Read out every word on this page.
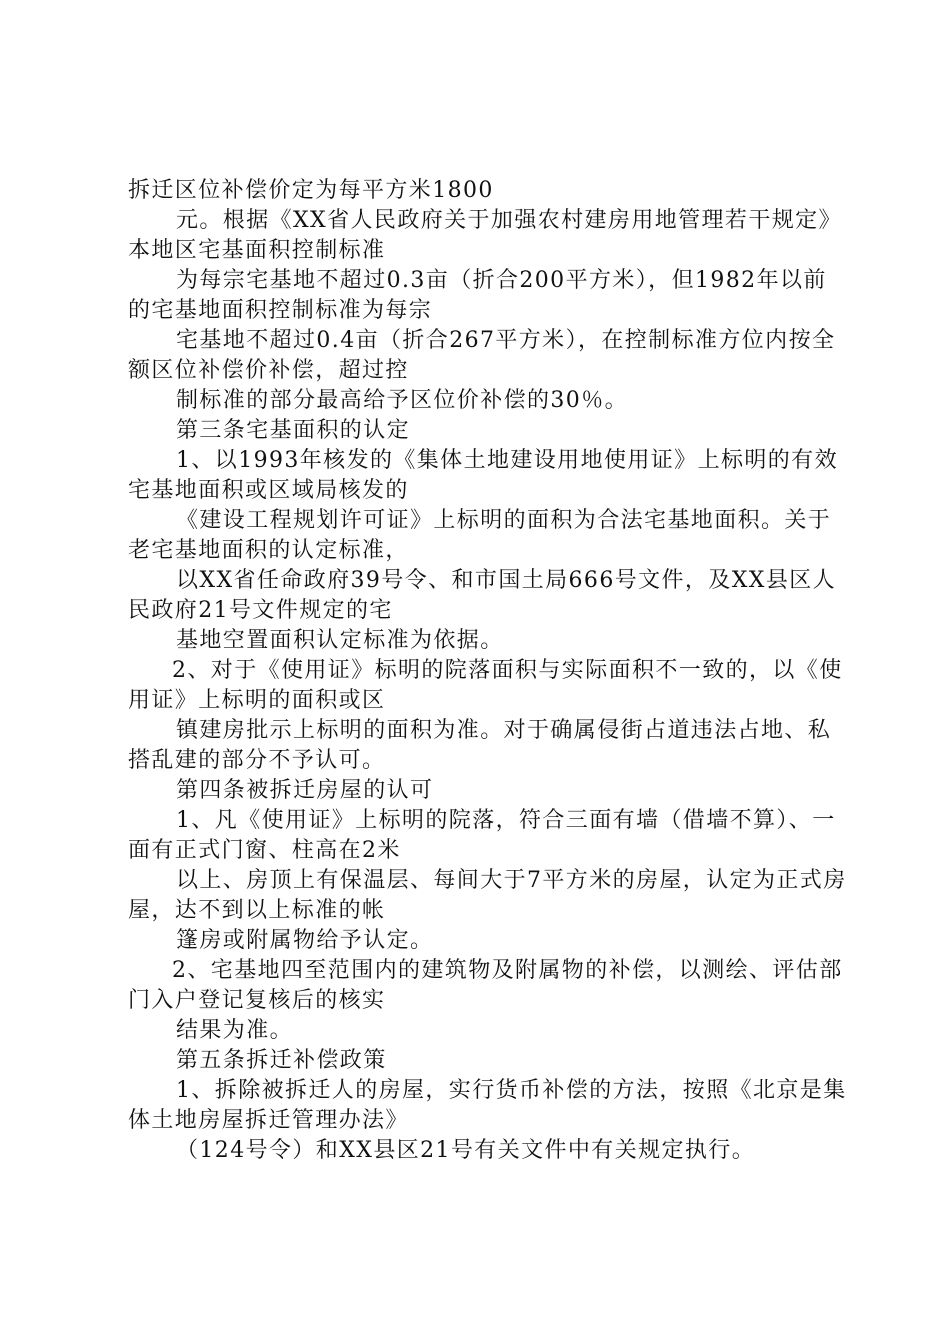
拆迁区位补偿价定为每平方米1800

元。根据《XX省人民政府关于加强农村建房用地管理若干规定》本地区宅基面积控制标准

为每宗宅基地不超过0.3亩（折合200平方米），但1982年以前的宅基地面积控制标准为每宗

宅基地不超过0.4亩（折合267平方米），在控制标准方位内按全额区位补偿价补偿，超过控

制标准的部分最高给予区位价补偿的30％。

第三条宅基面积的认定

1、以1993年核发的《集体土地建设用地使用证》上标明的有效宅基地面积或区域局核发的

《建设工程规划许可证》上标明的面积为合法宅基地面积。关于老宅基地面积的认定标准，

以XX省任命政府39号令、和市国土局666号文件，及XX县区人民政府21号文件规定的宅

基地空置面积认定标准为依据。

2、对于《使用证》标明的院落面积与实际面积不一致的，以《使用证》上标明的面积或区

镇建房批示上标明的面积为准。对于确属侵街占道违法占地、私搭乱建的部分不予认可。

第四条被拆迁房屋的认可

1、凡《使用证》上标明的院落，符合三面有墙（借墙不算）、一面有正式门窗、柱高在2米

以上、房顶上有保温层、每间大于7平方米的房屋，认定为正式房屋，达不到以上标准的帐

篷房或附属物给予认定。

2、宅基地四至范围内的建筑物及附属物的补偿，以测绘、评估部门入户登记复核后的核实

结果为准。

第五条拆迁补偿政策

1、拆除被拆迁人的房屋，实行货币补偿的方法，按照《北京是集体土地房屋拆迁管理办法》

（124号令）和XX县区21号有关文件中有关规定执行。
